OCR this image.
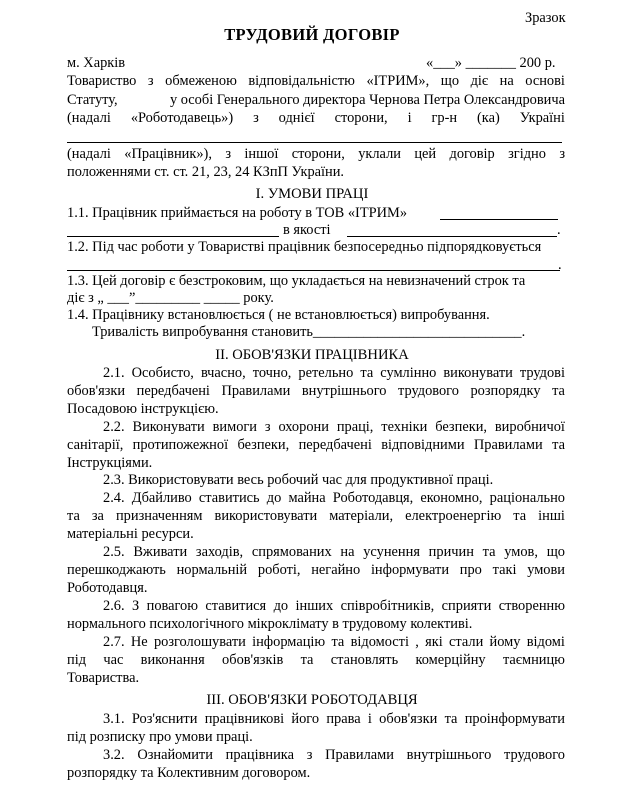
Зразок
ТРУДОВИЙ ДОГОВІР
м. Харків	«___» _______ 200 р.
Товариство з обмеженою відповідальністю «ІТРИМ», що діє на основі
Статуту,	у особі Генерального директора Чернова Петра Олександровича
(надалі «Роботодавець») з однієї сторони, і гр-н (ка) Україні
(надалі «Працівник»), з іншої сторони, уклали цей договір згідно з
положеннями ст. ст. 21, 23, 24 КЗпП України.
І. УМОВИ ПРАЦІ
1.1. Працівник приймається на роботу в ТОВ «ІТРИМ»
в якості	.
1.2. Під час роботи у Товаристві працівник безпосередньо підпорядковується
.
1.3. Цей договір є безстроковим, що укладається на невизначений строк та
діє з „ ___”_________ _____ року.
1.4. Працівнику встановлюється ( не встановлюється) випробування.
Тривалість випробування становить_____________________________.
ІІ. ОБОВ'ЯЗКИ ПРАЦІВНИКА
2.1. Особисто, вчасно, точно, ретельно та сумлінно виконувати трудові
обов'язки передбачені Правилами внутрішнього трудового розпорядку та
Посадовою інструкцією.
2.2. Виконувати вимоги з охорони праці, техніки безпеки, виробничої
санітарії, протипожежної безпеки, передбачені відповідними Правилами та
Інструкціями.
2.3. Використовувати весь робочий час для продуктивної праці.
2.4. Дбайливо ставитись до майна Роботодавця, економно, раціонально
та за призначенням використовувати матеріали, електроенергію та інші
матеріальні ресурси.
2.5. Вживати заходів, спрямованих на усунення причин та умов, що
перешкоджають нормальній роботі, негайно інформувати про такі умови
Роботодавця.
2.6. З повагою ставитися до інших співробітників, сприяти створенню
нормального психологічного мікроклімату в трудовому колективі.
2.7. Не розголошувати інформацію та відомості , які стали йому відомі
під час виконання обов'язків та становлять комерційну таємницю
Товариства.
ІІІ. ОБОВ'ЯЗКИ РОБОТОДАВЦЯ
3.1. Роз'яснити працівникові його права і обов'язки та проінформувати
під розписку про умови праці.
3.2. Ознайомити працівника з Правилами внутрішнього трудового
розпорядку та Колективним договором.
